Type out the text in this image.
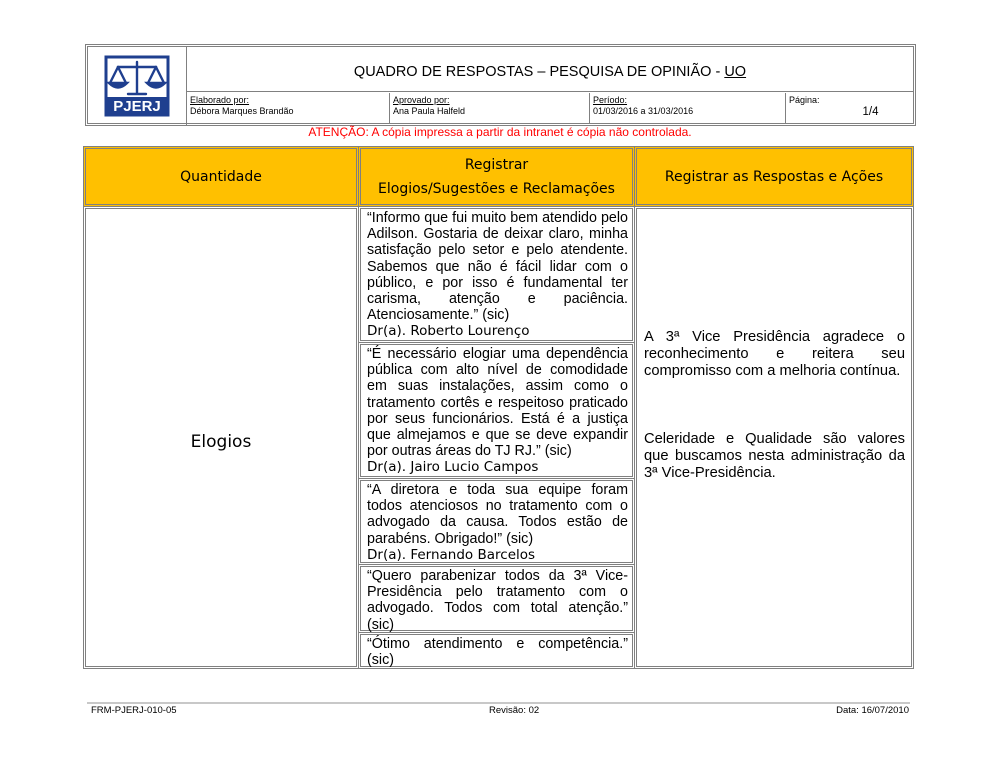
PJERJ
QUADRO DE RESPOSTAS – PESQUISA DE OPINIÃO -
UO
Elaborado por:
Débora Marques Brandão
Aprovado por:
Ana Paula Halfeld
Período:
01/03/2016 a 31/03/2016
Página:
1/4
ATENÇÃO: A cópia impressa a partir da intranet é cópia não controlada.
Quantidade
Registrar
Elogios/Sugestões e Reclamações
Registrar as Respostas e Ações
Elogios

“Informo que fui muito bem atendido pelo Adilson. Gostaria de deixar claro, minha satisfação pelo setor e pelo atendente. Sabemos que não é fácil lidar com o público, e por isso é fundamental ter carisma, atenção e paciência. Atenciosamente.” (sic)

Dr(a). Roberto Lourenço

“É necessário elogiar uma dependência pública com alto nível de comodidade em suas instalações, assim como o tratamento cortês e respeitoso praticado por seus funcionários. Está é a justiça que almejamos e que se deve expandir por outras áreas do TJ RJ.” (sic)

Dr(a). Jairo Lucio Campos

“A diretora e toda sua equipe foram todos atenciosos no tratamento com o advogado da causa. Todos estão de parabéns. Obrigado!” (sic)

Dr(a). Fernando Barcelos

“Quero parabenizar todos da 3ª Vice-Presidência pelo tratamento com o advogado. Todos com total atenção.” (sic)

“Ótimo atendimento e competência.” (sic)

A 3ª Vice Presidência agradece o reconhecimento e reitera seu compromisso com a melhoria contínua.

Celeridade e Qualidade são valores que buscamos nesta administração da 3ª Vice-Presidência.

FRM-PJERJ-010-05	Revisão: 02	Data: 16/07/2010
